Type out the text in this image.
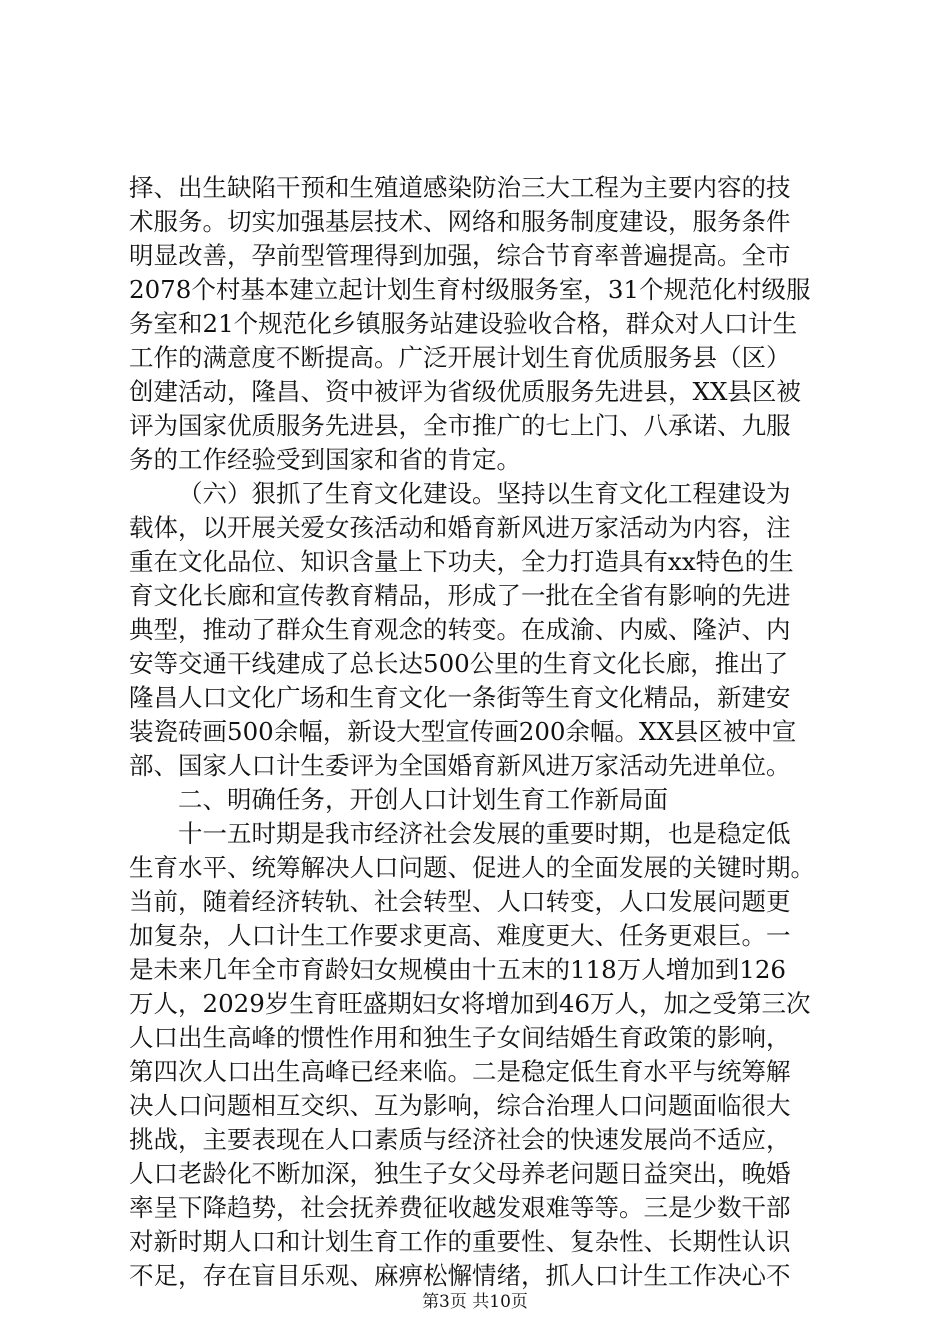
择、出生缺陷干预和生殖道感染防治三大工程为主要内容的技
术服务。切实加强基层技术、网络和服务制度建设，服务条件
明显改善，孕前型管理得到加强，综合节育率普遍提高。全市
2078个村基本建立起计划生育村级服务室，31个规范化村级服
务室和21个规范化乡镇服务站建设验收合格，群众对人口计生
工作的满意度不断提高。广泛开展计划生育优质服务县（区）
创建活动，隆昌、资中被评为省级优质服务先进县，XX县区被
评为国家优质服务先进县，全市推广的七上门、八承诺、九服
务的工作经验受到国家和省的肯定。
（六）狠抓了生育文化建设。坚持以生育文化工程建设为
载体，以开展关爱女孩活动和婚育新风进万家活动为内容，注
重在文化品位、知识含量上下功夫，全力打造具有xx特色的生
育文化长廊和宣传教育精品，形成了一批在全省有影响的先进
典型，推动了群众生育观念的转变。在成渝、内威、隆泸、内
安等交通干线建成了总长达500公里的生育文化长廊，推出了
隆昌人口文化广场和生育文化一条街等生育文化精品，新建安
装瓷砖画500余幅，新设大型宣传画200余幅。XX县区被中宣
部、国家人口计生委评为全国婚育新风进万家活动先进单位。
二、明确任务，开创人口计划生育工作新局面
十一五时期是我市经济社会发展的重要时期，也是稳定低
生育水平、统筹解决人口问题、促进人的全面发展的关键时期。
当前，随着经济转轨、社会转型、人口转变，人口发展问题更
加复杂，人口计生工作要求更高、难度更大、任务更艰巨。一
是未来几年全市育龄妇女规模由十五末的118万人增加到126
万人，2029岁生育旺盛期妇女将增加到46万人，加之受第三次
人口出生高峰的惯性作用和独生子女间结婚生育政策的影响，
第四次人口出生高峰已经来临。二是稳定低生育水平与统筹解
决人口问题相互交织、互为影响，综合治理人口问题面临很大
挑战，主要表现在人口素质与经济社会的快速发展尚不适应，
人口老龄化不断加深，独生子女父母养老问题日益突出，晚婚
率呈下降趋势，社会抚养费征收越发艰难等等。三是少数干部
对新时期人口和计划生育工作的重要性、复杂性、长期性认识
不足，存在盲目乐观、麻痹松懈情绪，抓人口计生工作决心不
第3页 共10页
